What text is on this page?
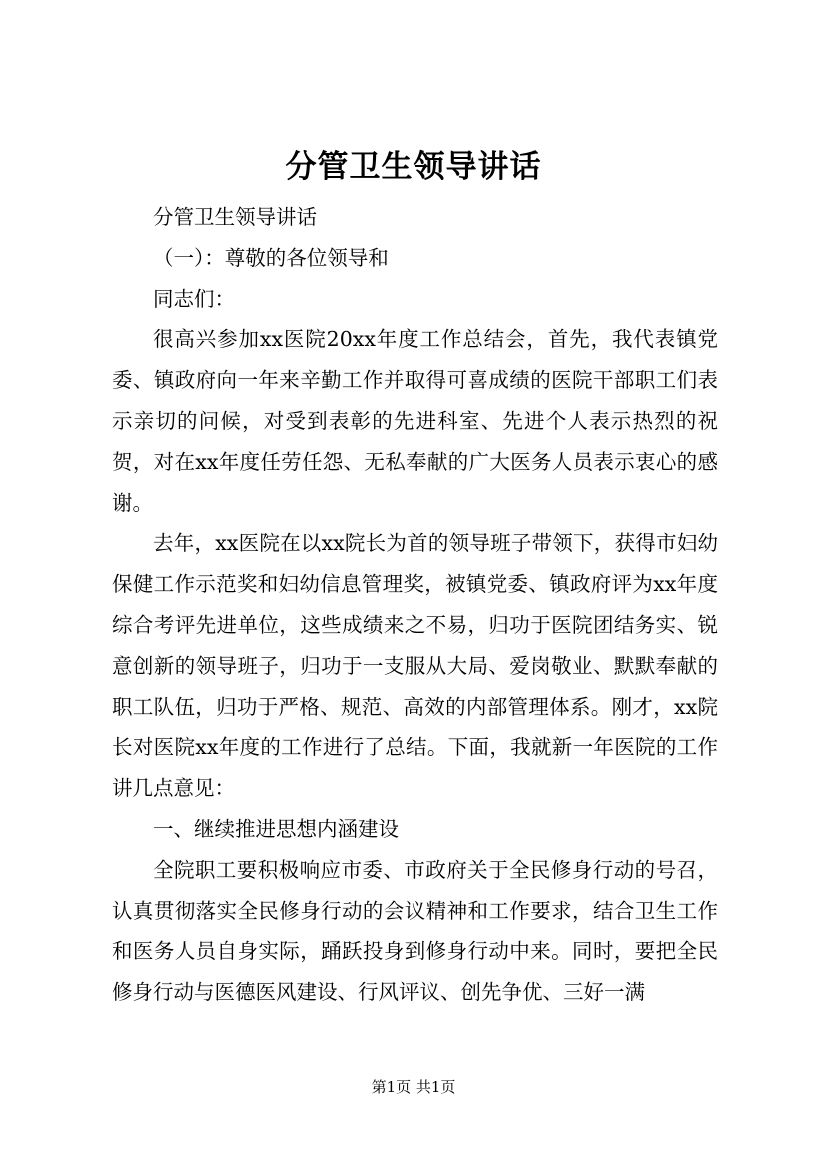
分管卫生领导讲话

分管卫生领导讲话

（一）：尊敬的各位领导和

同志们：

很高兴参加xx医院20xx年度工作总结会，首先，我代表镇党委、镇政府向一年来辛勤工作并取得可喜成绩的医院干部职工们表示亲切的问候，对受到表彰的先进科室、先进个人表示热烈的祝贺，对在xx年度任劳任怨、无私奉献的广大医务人员表示衷心的感谢。

去年，xx医院在以xx院长为首的领导班子带领下，获得市妇幼保健工作示范奖和妇幼信息管理奖，被镇党委、镇政府评为xx年度综合考评先进单位，这些成绩来之不易，归功于医院团结务实、锐意创新的领导班子，归功于一支服从大局、爱岗敬业、默默奉献的职工队伍，归功于严格、规范、高效的内部管理体系。刚才，xx院长对医院xx年度的工作进行了总结。下面，我就新一年医院的工作讲几点意见：

一、继续推进思想内涵建设

全院职工要积极响应市委、市政府关于全民修身行动的号召，认真贯彻落实全民修身行动的会议精神和工作要求，结合卫生工作和医务人员自身实际，踊跃投身到修身行动中来。同时，要把全民修身行动与医德医风建设、行风评议、创先争优、三好一满

第1页 共1页
